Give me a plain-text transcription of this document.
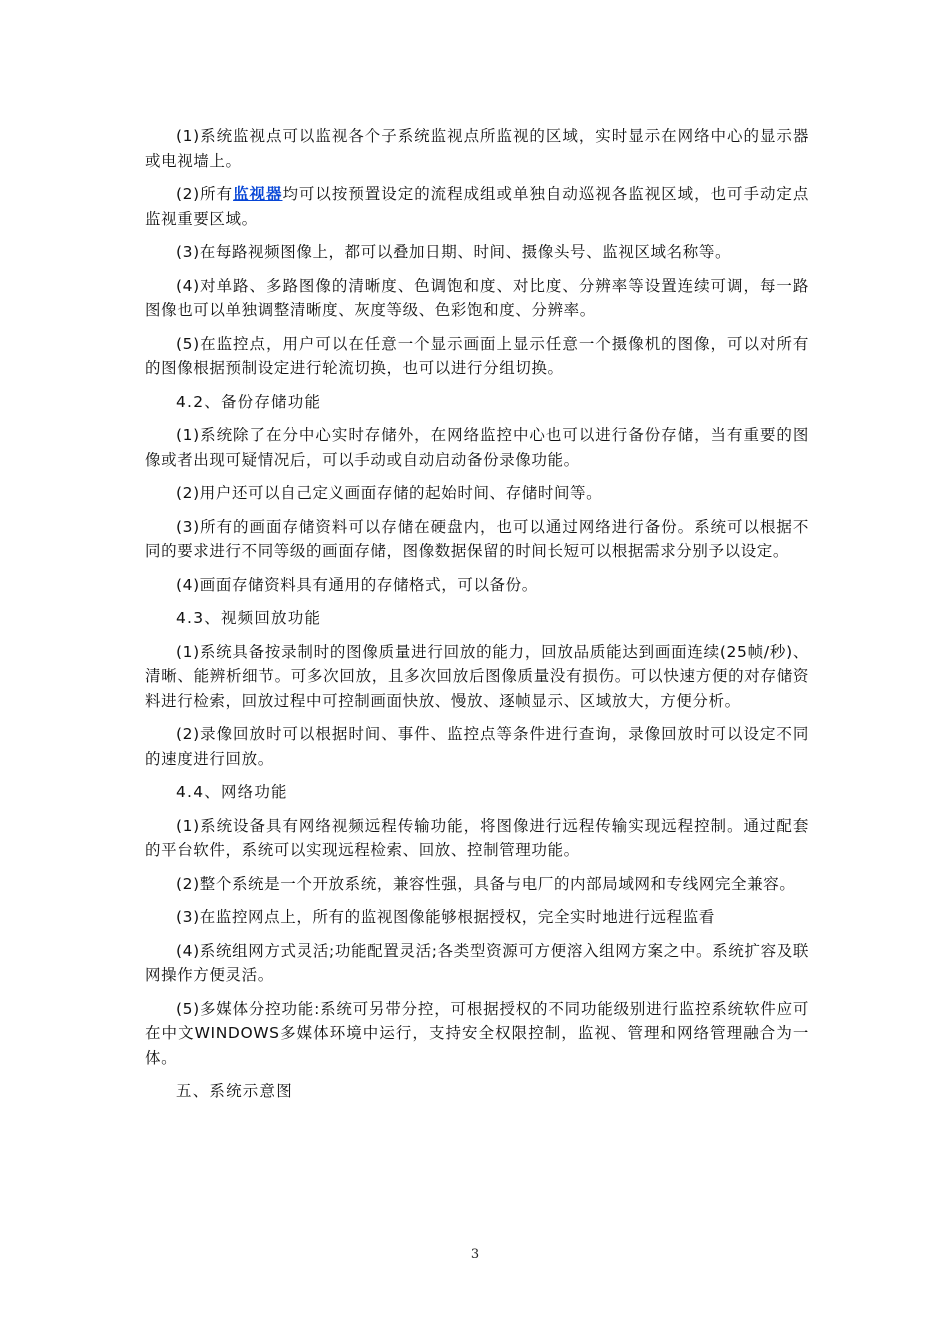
(1)系统监视点可以监视各个子系统监视点所监视的区域，实时显示在网络中心的显示器或电视墙上。

(2)所有监视器均可以按预置设定的流程成组或单独自动巡视各监视区域，也可手动定点监视重要区域。

(3)在每路视频图像上，都可以叠加日期、时间、摄像头号、监视区域名称等。

(4)对单路、多路图像的清晰度、色调饱和度、对比度、分辨率等设置连续可调，每一路图像也可以单独调整清晰度、灰度等级、色彩饱和度、分辨率。

(5)在监控点，用户可以在任意一个显示画面上显示任意一个摄像机的图像，可以对所有的图像根据预制设定进行轮流切换，也可以进行分组切换。

4.2、备份存储功能

(1)系统除了在分中心实时存储外，在网络监控中心也可以进行备份存储，当有重要的图像或者出现可疑情况后，可以手动或自动启动备份录像功能。

(2)用户还可以自己定义画面存储的起始时间、存储时间等。

(3)所有的画面存储资料可以存储在硬盘内，也可以通过网络进行备份。系统可以根据不同的要求进行不同等级的画面存储，图像数据保留的时间长短可以根据需求分别予以设定。

(4)画面存储资料具有通用的存储格式，可以备份。

4.3、视频回放功能

(1)系统具备按录制时的图像质量进行回放的能力，回放品质能达到画面连续(25帧/秒)、清晰、能辨析细节。可多次回放，且多次回放后图像质量没有损伤。可以快速方便的对存储资料进行检索，回放过程中可控制画面快放、慢放、逐帧显示、区域放大，方便分析。

(2)录像回放时可以根据时间、事件、监控点等条件进行查询，录像回放时可以设定不同的速度进行回放。

4.4、网络功能

(1)系统设备具有网络视频远程传输功能，将图像进行远程传输实现远程控制。通过配套的平台软件，系统可以实现远程检索、回放、控制管理功能。

(2)整个系统是一个开放系统，兼容性强，具备与电厂的内部局域网和专线网完全兼容。

(3)在监控网点上，所有的监视图像能够根据授权，完全实时地进行远程监看

(4)系统组网方式灵活;功能配置灵活;各类型资源可方便溶入组网方案之中。系统扩容及联网操作方便灵活。

(5)多媒体分控功能:系统可另带分控，可根据授权的不同功能级别进行监控系统软件应可在中文WINDOWS多媒体环境中运行，支持安全权限控制，监视、管理和网络管理融合为一体。

五、系统示意图

3
